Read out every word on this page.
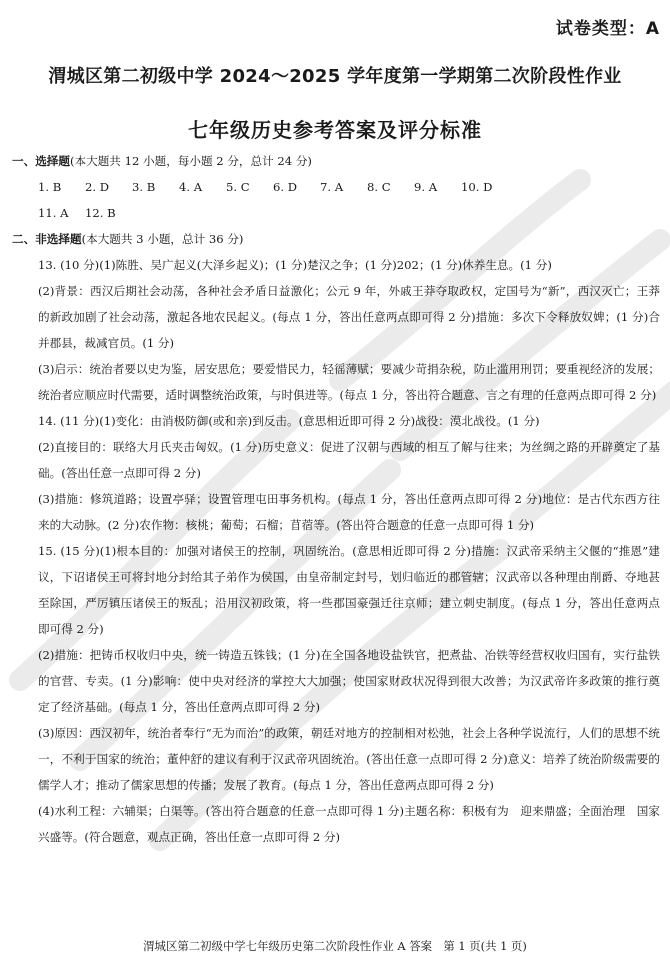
试卷类型：A
渭城区第二初级中学 2024～2025 学年度第一学期第二次阶段性作业
七年级历史参考答案及评分标准

一、选择题(本大题共 12 小题，每小题 2 分，总计 24 分)

1. B	2. D	3. B	4. A	5. C	6. D	7. A	8. C	9. A	10. D
11. A	12. B

二、非选择题(本大题共 3 小题，总计 36 分)

13. (10 分)(1)陈胜、吴广起义(大泽乡起义)；(1 分)楚汉之争；(1 分)202；(1 分)休养生息。(1 分)

(2)背景：西汉后期社会动荡，各种社会矛盾日益激化；公元 9 年，外戚王莽夺取政权，定国号为“新”，西汉灭亡；王莽的新政加剧了社会动荡，激起各地农民起义。(每点 1 分，答出任意两点即可得 2 分)措施：多次下令释放奴婢；(1 分)合并郡县，裁减官员。(1 分)

(3)启示：统治者要以史为鉴，居安思危；要爱惜民力，轻徭薄赋；要减少苛捐杂税，防止滥用刑罚；要重视经济的发展；统治者应顺应时代需要，适时调整统治政策，与时俱进等。(每点 1 分，答出符合题意、言之有理的任意两点即可得 2 分)

14. (11 分)(1)变化：由消极防御(或和亲)到反击。(意思相近即可得 2 分)战役：漠北战役。(1 分)

(2)直接目的：联络大月氏夹击匈奴。(1 分)历史意义：促进了汉朝与西域的相互了解与往来；为丝绸之路的开辟奠定了基础。(答出任意一点即可得 2 分)

(3)措施：修筑道路；设置亭驿；设置管理屯田事务机构。(每点 1 分，答出任意两点即可得 2 分)地位：是古代东西方往来的大动脉。(2 分)农作物：核桃；葡萄；石榴；苜蓿等。(答出符合题意的任意一点即可得 1 分)

15. (15 分)(1)根本目的：加强对诸侯王的控制，巩固统治。(意思相近即可得 2 分)措施：汉武帝采纳主父偃的“推恩”建议，下诏诸侯王可将封地分封给其子弟作为侯国，由皇帝制定封号，划归临近的郡管辖；汉武帝以各种理由削爵、夺地甚至除国，严厉镇压诸侯王的叛乱；沿用汉初政策，将一些郡国豪强迁往京师；建立刺史制度。(每点 1 分，答出任意两点即可得 2 分)

(2)措施：把铸币权收归中央，统一铸造五铢钱；(1 分)在全国各地设盐铁官，把煮盐、冶铁等经营权收归国有，实行盐铁的官营、专卖。(1 分)影响：使中央对经济的掌控大大加强；使国家财政状况得到很大改善；为汉武帝许多政策的推行奠定了经济基础。(每点 1 分，答出任意两点即可得 2 分)

(3)原因：西汉初年，统治者奉行“无为而治”的政策，朝廷对地方的控制相对松弛，社会上各种学说流行，人们的思想不统一，不利于国家的统治；董仲舒的建议有利于汉武帝巩固统治。(答出任意一点即可得 2 分)意义：培养了统治阶级需要的儒学人才；推动了儒家思想的传播；发展了教育。(每点 1 分，答出任意两点即可得 2 分)

(4)水利工程：六辅渠；白渠等。(答出符合题意的任意一点即可得 1 分)主题名称：积极有为　迎来鼎盛；全面治理　国家兴盛等。(符合题意，观点正确，答出任意一点即可得 2 分)

渭城区第二初级中学七年级历史第二次阶段性作业 A 答案　第 1 页(共 1 页)
